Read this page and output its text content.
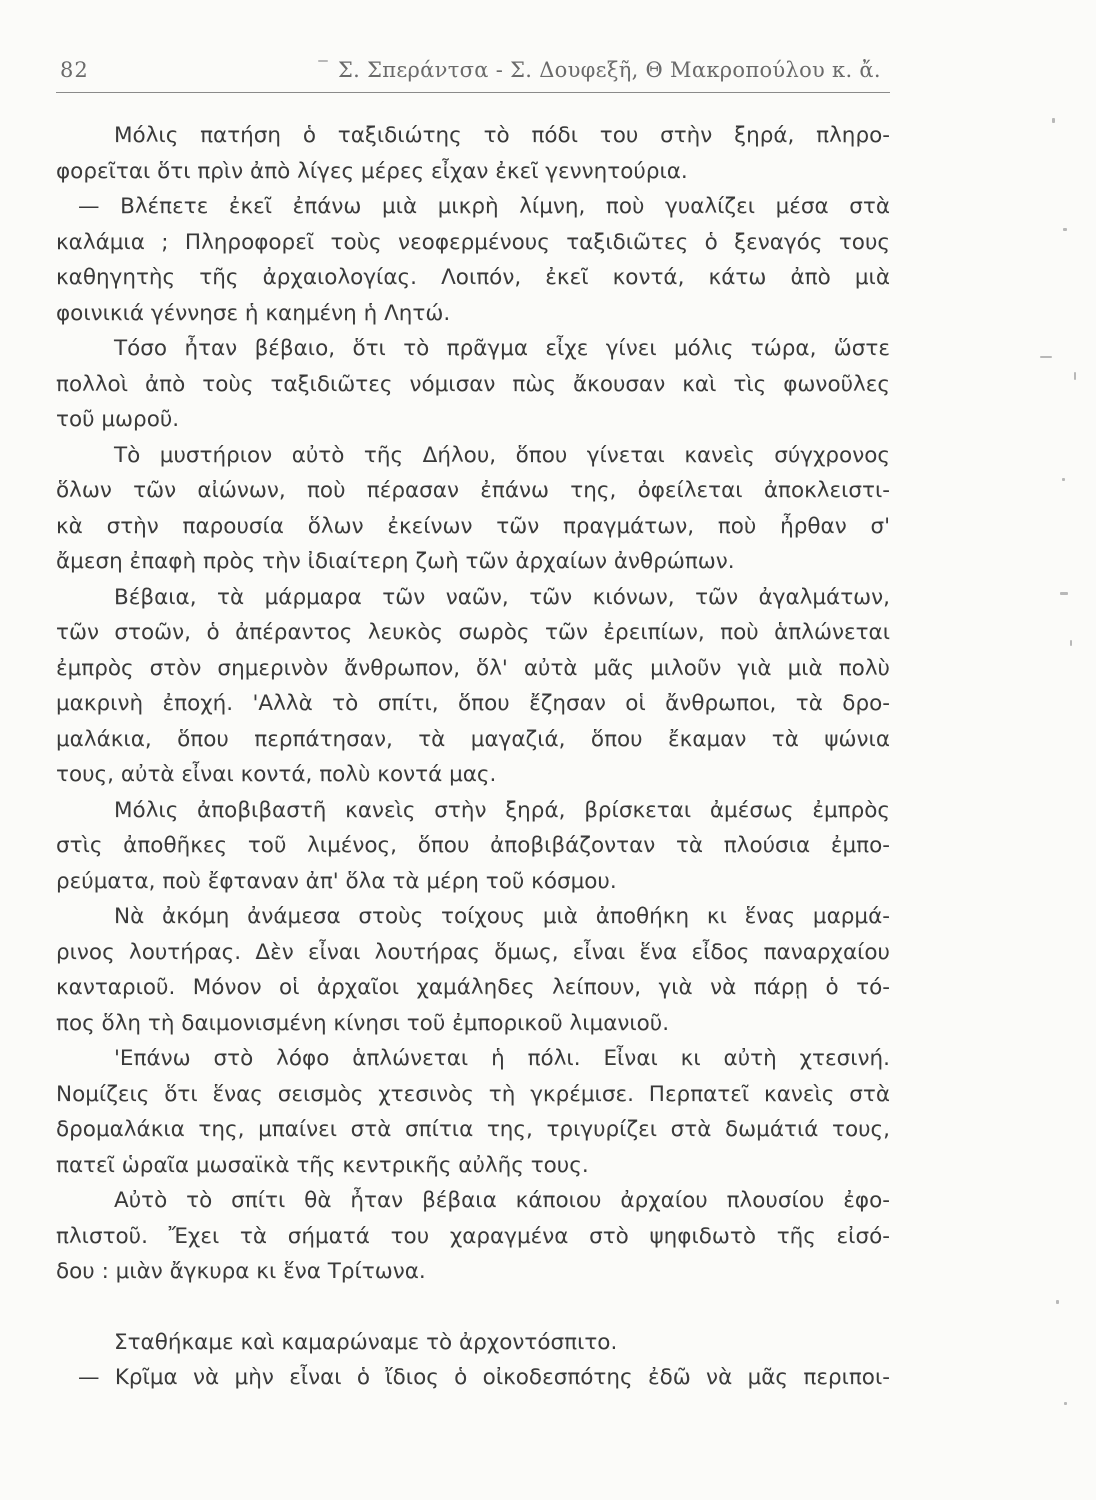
82	Σ. Σπεράντσα - Σ. Δουφεξῆ, Θ Μακροπούλου κ. ἄ.
Μόλις πατήση ὁ ταξιδιώτης τὸ πόδι του στὴν ξηρά, πληρο-
φορεῖται ὅτι πρὶν ἀπὸ λίγες μέρες εἶχαν ἐκεῖ γεννητούρια.
— Βλέπετε ἐκεῖ ἐπάνω μιὰ μικρὴ λίμνη, ποὺ γυαλίζει μέσα στὰ
καλάμια ; Πληροφορεῖ τοὺς νεοφερμένους ταξιδιῶτες ὁ ξεναγός τους
καθηγητὴς τῆς ἀρχαιολογίας. Λοιπόν, ἐκεῖ κοντά, κάτω ἀπὸ μιὰ
φοινικιά γέννησε ἡ καημένη ἡ Λητώ.
Τόσο ἦταν βέβαιο, ὅτι τὸ πρᾶγμα εἶχε γίνει μόλις τώρα, ὥστε
πολλοὶ ἀπὸ τοὺς ταξιδιῶτες νόμισαν πὼς ἄκουσαν καὶ τὶς φωνοῦλες
τοῦ μωροῦ.
Τὸ μυστήριον αὐτὸ τῆς Δήλου, ὅπου γίνεται κανεὶς σύγχρονος
ὅλων τῶν αἰώνων, ποὺ πέρασαν ἐπάνω της, ὀφείλεται ἀποκλειστι-
κὰ στὴν παρουσία ὅλων ἐκείνων τῶν πραγμάτων, ποὺ ἦρθαν σ'
ἄμεση ἐπαφὴ πρὸς τὴν ἰδιαίτερη ζωὴ τῶν ἀρχαίων ἀνθρώπων.
Βέβαια, τὰ μάρμαρα τῶν ναῶν, τῶν κιόνων, τῶν ἀγαλμάτων,
τῶν στοῶν, ὁ ἀπέραντος λευκὸς σωρὸς τῶν ἐρειπίων, ποὺ ἁπλώνεται
ἐμπρὸς στὸν σημερινὸν ἄνθρωπον, ὅλ' αὐτὰ μᾶς μιλοῦν γιὰ μιὰ πολὺ
μακρινὴ ἐποχή. 'Αλλὰ τὸ σπίτι, ὅπου ἔζησαν οἱ ἄνθρωποι, τὰ δρο-
μαλάκια, ὅπου περπάτησαν, τὰ μαγαζιά, ὅπου ἔκαμαν τὰ ψώνια
τους, αὐτὰ εἶναι κοντά, πολὺ κοντά μας.
Μόλις ἀποβιβαστῆ κανεὶς στὴν ξηρά, βρίσκεται ἀμέσως ἐμπρὸς
στὶς ἀποθῆκες τοῦ λιμένος, ὅπου ἀποβιβάζονταν τὰ πλούσια ἐμπο-
ρεύματα, ποὺ ἔφταναν ἀπ' ὅλα τὰ μέρη τοῦ κόσμου.
Νὰ ἀκόμη ἀνάμεσα στοὺς τοίχους μιὰ ἀποθήκη κι ἕνας μαρμά-
ρινος λουτήρας. Δὲν εἶναι λουτήρας ὅμως, εἶναι ἕνα εἶδος παναρχαίου
κανταριοῦ. Μόνον οἱ ἀρχαῖοι χαμάληδες λείπουν, γιὰ νὰ πάρῃ ὁ τό-
πος ὅλη τὴ δαιμονισμένη κίνησι τοῦ ἐμπορικοῦ λιμανιοῦ.
'Επάνω στὸ λόφο ἁπλώνεται ἡ πόλι. Εἶναι κι αὐτὴ χτεσινή.
Νομίζεις ὅτι ἕνας σεισμὸς χτεσινὸς τὴ γκρέμισε. Περπατεῖ κανεὶς στὰ
δρομαλάκια της, μπαίνει στὰ σπίτια της, τριγυρίζει στὰ δωμάτιά τους,
πατεῖ ὡραῖα μωσαϊκὰ τῆς κεντρικῆς αὐλῆς τους.
Αὐτὸ τὸ σπίτι θὰ ἦταν βέβαια κάποιου ἀρχαίου πλουσίου ἐφο-
πλιστοῦ. Ἔχει τὰ σήματά του χαραγμένα στὸ ψηφιδωτὸ τῆς εἰσό-
δου : μιὰν ἄγκυρα κι ἕνα Τρίτωνα.
Σταθήκαμε καὶ καμαρώναμε τὸ ἀρχοντόσπιτο.
— Κρῖμα νὰ μὴν εἶναι ὁ ἴδιος ὁ οἰκοδεσπότης ἐδῶ νὰ μᾶς περιποι-
